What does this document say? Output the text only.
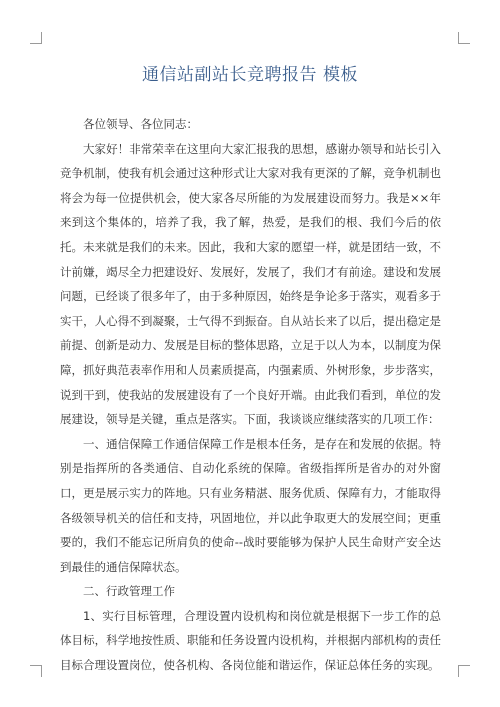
通信站副站长竞聘报告 模板

各位领导、各位同志：

大家好！非常荣幸在这里向大家汇报我的思想，感谢办领导和站长引入竞争机制，使我有机会通过这种形式让大家对我有更深的了解，竞争机制也将会为每一位提供机会，使大家各尽所能的为发展建设而努力。我是××年来到这个集体的，培养了我，我了解，热爱，是我们的根、我们今后的依托。未来就是我们的未来。因此，我和大家的愿望一样，就是团结一致，不计前嫌，竭尽全力把建设好、发展好，发展了，我们才有前途。建设和发展问题，已经谈了很多年了，由于多种原因，始终是争论多于落实，观看多于实干，人心得不到凝聚，士气得不到振奋。自从站长来了以后，提出稳定是前提、创新是动力、发展是目标的整体思路，立足于以人为本，以制度为保障，抓好典范表率作用和人员素质提高，内强素质、外树形象，步步落实，说到干到，使我站的发展建设有了一个良好开端。由此我们看到，单位的发展建设，领导是关键，重点是落实。下面，我谈谈应继续落实的几项工作：

一、通信保障工作通信保障工作是根本任务，是存在和发展的依据。特别是指挥所的各类通信、自动化系统的保障。省级指挥所是省办的对外窗口，更是展示实力的阵地。只有业务精湛、服务优质、保障有力，才能取得各级领导机关的信任和支持，巩固地位，并以此争取更大的发展空间；更重要的，我们不能忘记所肩负的使命--战时要能够为保护人民生命财产安全达到最佳的通信保障状态。

二、行政管理工作

1、实行目标管理，合理设置内设机构和岗位就是根据下一步工作的总体目标，科学地按性质、职能和任务设置内设机构，并根据内部机构的责任目标合理设置岗位，使各机构、各岗位能和谐运作，保证总体任务的实现。
